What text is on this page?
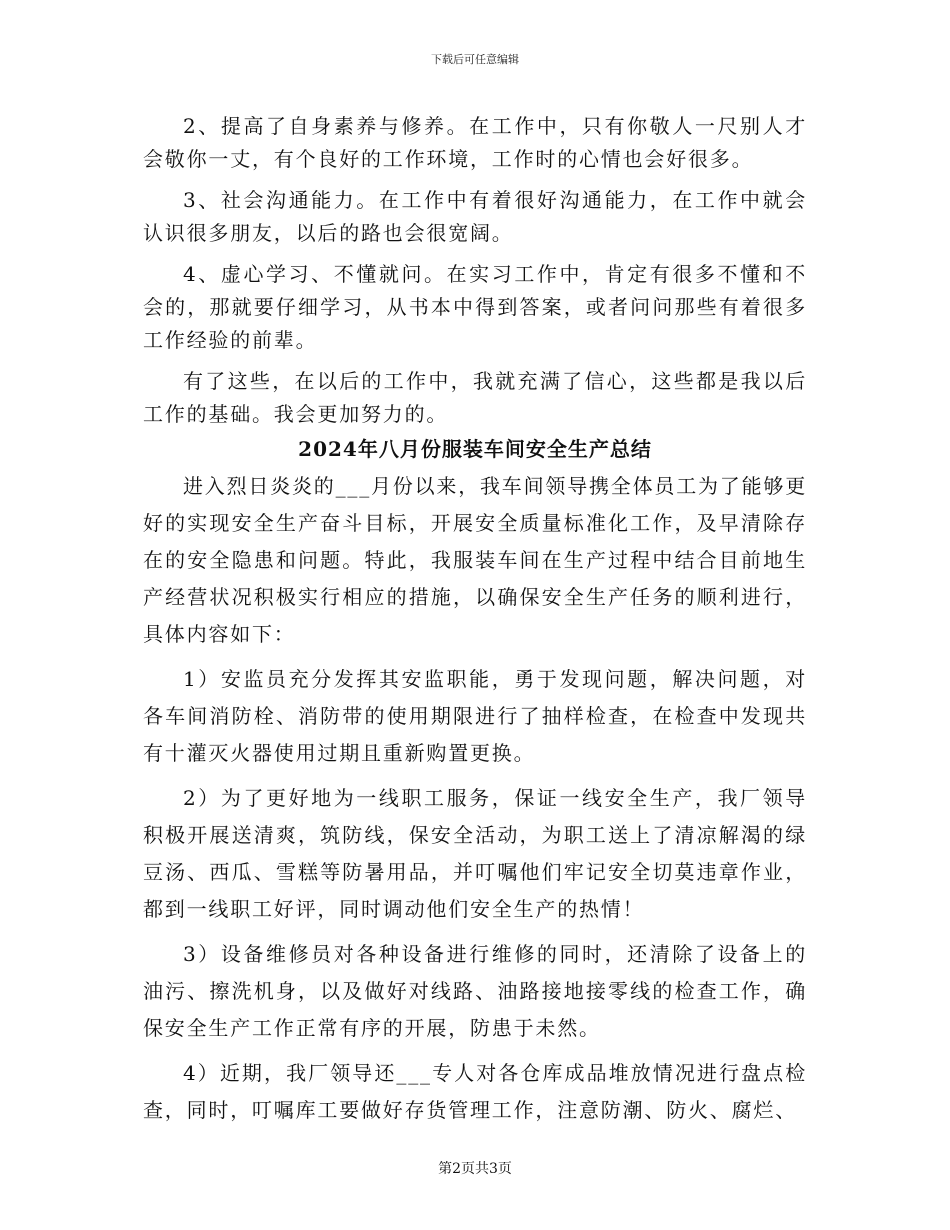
下载后可任意编辑

2、提高了自身素养与修养。在工作中，只有你敬人一尺别人才会敬你一丈，有个良好的工作环境，工作时的心情也会好很多。

3、社会沟通能力。在工作中有着很好沟通能力，在工作中就会认识很多朋友，以后的路也会很宽阔。

4、虚心学习、不懂就问。在实习工作中，肯定有很多不懂和不会的，那就要仔细学习，从书本中得到答案，或者问问那些有着很多工作经验的前辈。

有了这些，在以后的工作中，我就充满了信心，这些都是我以后工作的基础。我会更加努力的。

2024年八月份服装车间安全生产总结

进入烈日炎炎的___月份以来，我车间领导携全体员工为了能够更好的实现安全生产奋斗目标，开展安全质量标准化工作，及早清除存在的安全隐患和问题。特此，我服装车间在生产过程中结合目前地生产经营状况积极实行相应的措施，以确保安全生产任务的顺利进行，具体内容如下：

1）安监员充分发挥其安监职能，勇于发现问题，解决问题，对各车间消防栓、消防带的使用期限进行了抽样检查，在检查中发现共有十灌灭火器使用过期且重新购置更换。

2）为了更好地为一线职工服务，保证一线安全生产，我厂领导积极开展送清爽，筑防线，保安全活动，为职工送上了清凉解渴的绿豆汤、西瓜、雪糕等防暑用品，并叮嘱他们牢记安全切莫违章作业，都到一线职工好评，同时调动他们安全生产的热情！

3）设备维修员对各种设备进行维修的同时，还清除了设备上的油污、擦洗机身，以及做好对线路、油路接地接零线的检查工作，确保安全生产工作正常有序的开展，防患于未然。

4）近期，我厂领导还___专人对各仓库成品堆放情况进行盘点检查，同时，叮嘱库工要做好存货管理工作，注意防潮、防火、腐烂、

第2页共3页
